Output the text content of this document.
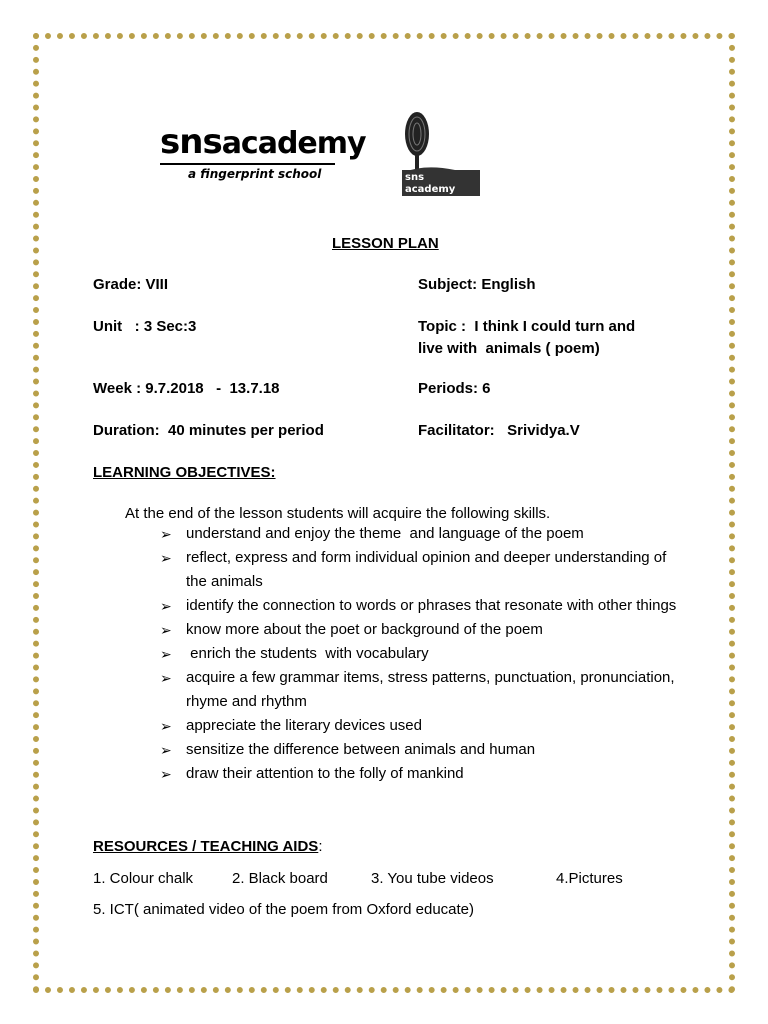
snsacademy
a fingerprint school	sns academy
a fingerprint school
LESSON PLAN
Grade: VIII	Subject: English
Unit   : 3 Sec:3	Topic :  I think I could turn and
live with  animals ( poem)
Week : 9.7.2018   -  13.7.18	Periods: 6
Duration:  40 minutes per period	Facilitator:   Srividya.V
LEARNING OBJECTIVES:
At the end of the lesson students will acquire the following skills.
➢ understand and enjoy the theme  and language of the poem
➢ reflect, express and form individual opinion and deeper understanding of the animals
➢ identify the connection to words or phrases that resonate with other things
➢ know more about the poet or background of the poem
➢ enrich the students  with vocabulary
➢ acquire a few grammar items, stress patterns, punctuation, pronunciation, rhyme and rhythm
➢ appreciate the literary devices used
➢ sensitize the difference between animals and human
➢ draw their attention to the folly of mankind
RESOURCES / TEACHING AIDS:
1. Colour chalk	2. Black board	3. You tube videos	4.Pictures
5. ICT( animated video of the poem from Oxford educate)
